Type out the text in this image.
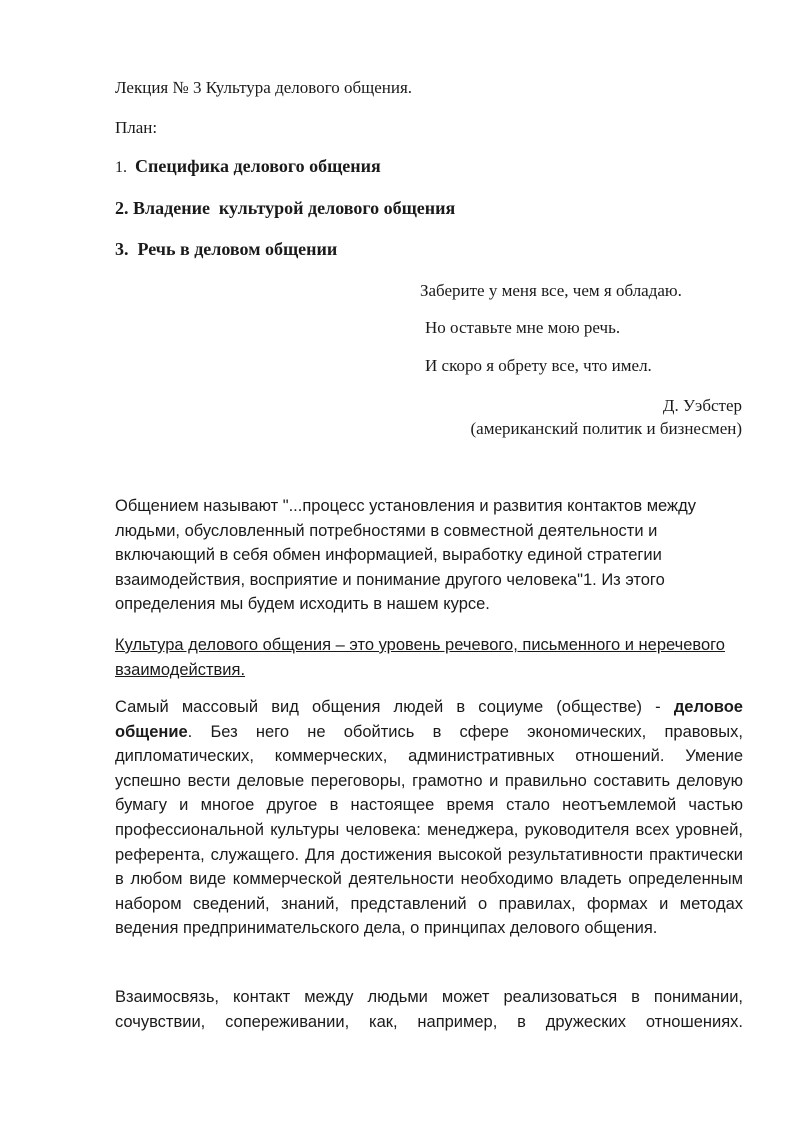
Лекция № 3 Культура делового общения.
План:
1. Специфика делового общения
2. Владение  культурой делового общения
3. Речь в деловом общении
Заберите у меня все, чем я обладаю.
Но оставьте мне мою речь.
И скоро я обрету все, что имел.
Д. Уэбстер
(американский политик и бизнесмен)

Общением называют "...процесс установления и развития контактов между людьми, обусловленный потребностями в совместной деятельности и включающий в себя обмен информацией, выработку единой стратегии взаимодействия, восприятие и понимание другого человека"1. Из этого определения мы будем исходить в нашем курсе.

Культура делового общения – это уровень речевого, письменного и неречевого взаимодействия.

Самый массовый вид общения людей в социуме (обществе) - деловое общение. Без него не обойтись в сфере экономических, правовых, дипломатических, коммерческих, административных отношений. Умение успешно вести деловые переговоры, грамотно и правильно составить деловую бумагу и многое другое в настоящее время стало неотъемлемой частью профессиональной культуры человека: менеджера, руководителя всех уровней, референта, служащего. Для достижения высокой результативности практически в любом виде коммерческой деятельности необходимо владеть определенным набором сведений, знаний, представлений о правилах, формах и методах ведения предпринимательского дела, о принципах делового общения.

Взаимосвязь, контакт между людьми может реализоваться в понимании, сочувствии, сопереживании, как, например, в дружеских отношениях.
